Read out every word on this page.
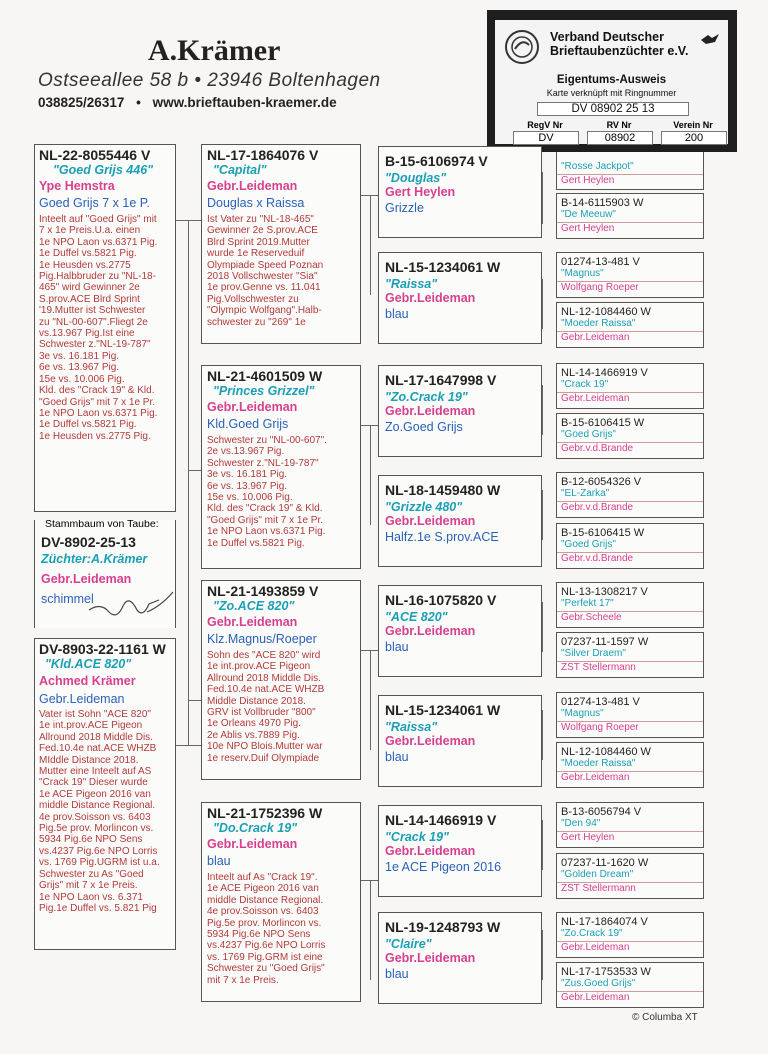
A.Krämer
Ostseeallee 58 b • 23946 Boltenhagen
038825/26317 • www.brieftauben-kraemer.de
Verband Deutscher
Brieftaubenzüchter e.V.
Eigentums-Ausweis
Karte verknüpft mit Ringnummer
DV 08902 25 13
RegV Nr	RV Nr	Verein Nr
DV	08902	200
NL-22-8055446 V
"Goed Grijs 446"
Ype Hemstra
Goed Grijs 7 x 1e P.
Inteelt auf "Goed Grijs" mit
7 x 1e Preis.U.a. einen
1e NPO Laon vs.6371 Pig.
1e Duffel vs.5821 Pig.
1e Heusden vs.2775
Pig.Halbbruder zu "NL-18-
465" wird Gewinner 2e
S.prov.ACE Blrd Sprint
'19.Mutter ist Schwester
zu "NL-00-607".Fliegt 2e
vs.13.967 Pig.Ist eine
Schwester z."NL-19-787"
3e vs. 16.181 Pig.
6e vs. 13.967 Pig.
15e vs. 10.006 Pig.
Kld. des "Crack 19" & Kld.
"Goed Grijs" mit 7 x 1e Pr.
1e NPO Laon vs.6371 Pig.
1e Duffel vs.5821 Pig.
1e Heusden vs.2775 Pig.
Stammbaum von Taube:
DV-8902-25-13
Züchter:A.Krämer
Gebr.Leideman
schimmel
DV-8903-22-1161 W
"Kld.ACE 820"
Achmed Krämer
Gebr.Leideman
Vater ist Sohn "ACE 820"
1e int.prov.ACE Pigeon
Allround 2018 Middle Dis.
Fed.10.4e nat.ACE WHZB
MIddle Distance 2018.
Mutter eine Inteelt auf AS
"Crack 19" Dieser wurde
1e ACE Pigeon 2016 van
middle Distance Regional.
4e prov.Soisson vs. 6403
Pig.5e prov. Morlincon vs.
5934 Pig.6e NPO Sens
vs.4237 Pig.6e NPO Lorris
vs. 1769 Pig.UGRM ist u.a.
Schwester zu As "Goed
Grijs" mit 7 x 1e Preis.
1e NPO Laon vs. 6.371
Pig.1e Duffel vs. 5.821 Pig
NL-17-1864076 V
"Capital"
Gebr.Leideman
Douglas x Raissa
Ist Vater zu "NL-18-465"
Gewinner 2e S.prov.ACE
Blrd Sprint 2019.Mutter
wurde 1e Reserveduif
Olympiade Speed Poznan
2018 Vollschwester "Sia"
1e prov.Genne vs. 11.041
Pig.Vollschwester zu
"Olympic Wolfgang".Halb-
schwester zu "269" 1e
NL-21-4601509 W
"Princes Grizzel"
Gebr.Leideman
Kld.Goed Grijs
Schwester zu "NL-00-607".
2e vs.13.967 Pig.
Schwester z."NL-19-787"
3e vs. 16.181 Pig.
6e vs. 13.967 Pig.
15e vs. 10.006 Pig.
Kld. des "Crack 19" & Kld.
"Goed Grijs" mit 7 x 1e Pr.
1e NPO Laon vs.6371 Pig.
1e Duffel vs.5821 Pig.
NL-21-1493859 V
"Zo.ACE 820"
Gebr.Leideman
Klz.Magnus/Roeper
Sohn des "ACE 820" wird
1e int.prov.ACE Pigeon
Allround 2018 Middle Dis.
Fed.10.4e nat.ACE WHZB
Middle Distance 2018.
GRV ist Vollbruder "800"
1e Orleans 4970 Pig.
2e Ablis vs.7889 Pig.
10e NPO Blois.Mutter war
1e reserv.Duif Olympiade
NL-21-1752396 W
"Do.Crack 19"
Gebr.Leideman
blau
Inteelt auf As "Crack 19".
1e ACE Pigeon 2016 van
middle Distance Regional.
4e prov.Soisson vs. 6403
Pig.5e prov. Morlincon vs.
5934 Pig.6e NPO Sens
vs.4237 Pig.6e NPO Lorris
vs. 1769 Pig.GRM ist eine
Schwester zu "Goed Grijs"
mit 7 x 1e Preis.
B-15-6106974 V
"Douglas"
Gert Heylen
Grizzle
NL-15-1234061 W
"Raissa"
Gebr.Leideman
blau
NL-17-1647998 V
"Zo.Crack 19"
Gebr.Leideman
Zo.Goed Grijs
NL-18-1459480 W
"Grizzle 480"
Gebr.Leideman
Halfz.1e S.prov.ACE
NL-16-1075820 V
"ACE 820"
Gebr.Leideman
blau
NL-15-1234061 W
"Raissa"
Gebr.Leideman
blau
NL-14-1466919 V
"Crack 19"
Gebr.Leideman
1e ACE Pigeon 2016
NL-19-1248793 W
"Claire"
Gebr.Leideman
blau
"Rosse Jackpot"
Gert Heylen
B-14-6115903 W
"De Meeuw"
Gert Heylen
01274-13-481 V
"Magnus"
Wolfgang Roeper
NL-12-1084460 W
"Moeder Raissa"
Gebr.Leideman
NL-14-1466919 V
"Crack 19"
Gebr.Leideman
B-15-6106415 W
"Goed Grijs"
Gebr.v.d.Brande
B-12-6054326 V
"EL-Zarka"
Gebr.v.d.Brande
B-15-6106415 W
"Goed Grijs"
Gebr.v.d.Brande
NL-13-1308217 V
"Perfekt 17"
Gebr.Scheele
07237-11-1597 W
"Silver Draem"
ZST Stellermann
01274-13-481 V
"Magnus"
Wolfgang Roeper
NL-12-1084460 W
"Moeder Raissa"
Gebr.Leideman
B-13-6056794 V
"Den 94"
Gert Heylen
07237-11-1620 W
"Golden Dream"
ZST Stellermann
NL-17-1864074 V
"Zo.Crack 19"
Gebr.Leideman
NL-17-1753533 W
"Zus.Goed Grijs"
Gebr.Leideman
© Columba XT
